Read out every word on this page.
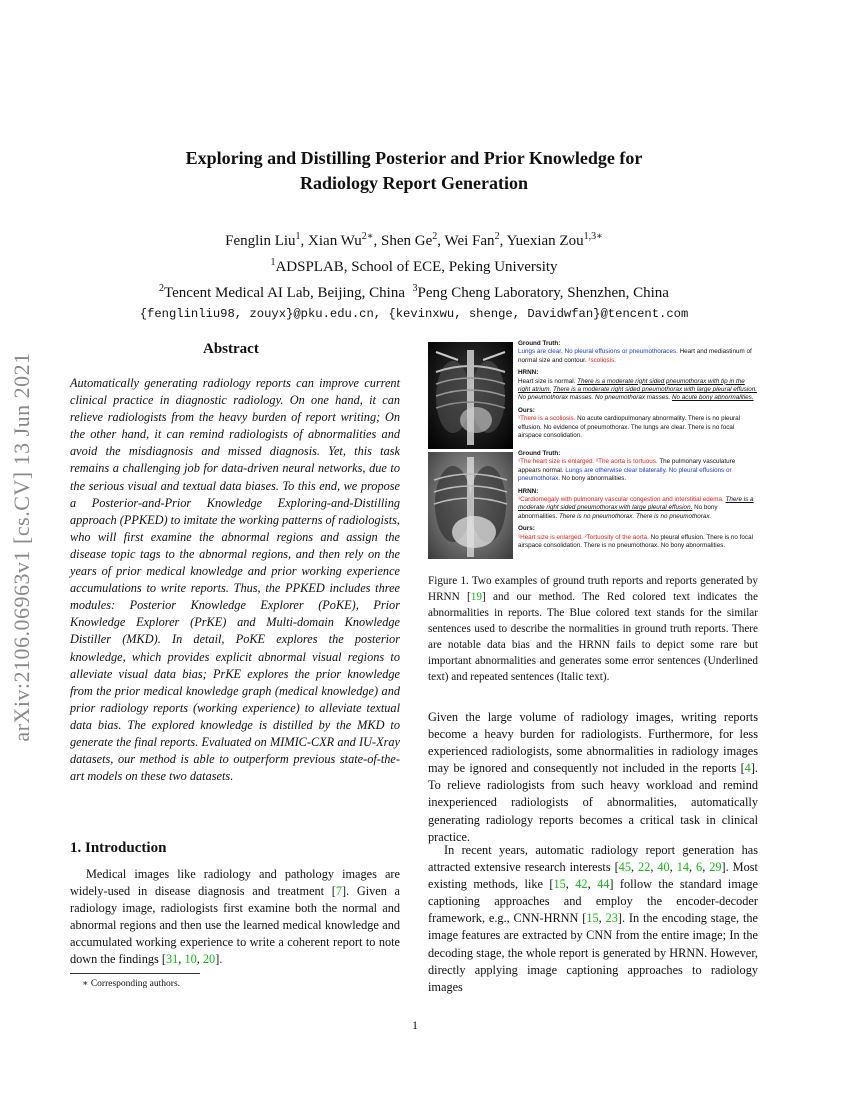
arXiv:2106.06963v1 [cs.CV] 13 Jun 2021
Exploring and Distilling Posterior and Prior Knowledge for
Radiology Report Generation
Fenglin Liu$^1$, Xian $Wu^{2∗}$, Shen Ge$^2$, Wei Fan$^2$, Yuexian Zou$^{1,3∗}$
$^1$ADSPLAB, School of ECE, Peking University
$^2$Tencent Medical AI Lab, Beijing, China $^3$Peng Cheng Laboratory, Shenzhen, China
{fenglinliu98, zouyx}@pku.edu.cn, {kevinxwu, shenge, Davidwfan}@tencent.com
Abstract
Automatically generating radiology reports can improve current clinical practice in diagnostic radiology. On one hand, it can relieve radiologists from the heavy burden of report writing; On the other hand, it can remind radiologists of abnormalities and avoid the misdiagnosis and missed diagnosis. Yet, this task remains a challenging job for data-driven neural networks, due to the serious visual and textual data biases. To this end, we propose a Posterior-and-Prior Knowledge Exploring-and-Distilling approach (PPKED) to imitate the working patterns of radiologists, who will first examine the abnormal regions and assign the disease topic tags to the abnormal regions, and then rely on the years of prior medical knowledge and prior working experience accumulations to write reports. Thus, the PPKED includes three modules: Posterior Knowledge Explorer (PoKE), Prior Knowledge Explorer (PrKE) and Multi-domain Knowledge Distiller (MKD). In detail, PoKE explores the posterior knowledge, which provides explicit abnormal visual regions to alleviate visual data bias; PrKE explores the prior knowledge from the prior medical knowledge graph (medical knowledge) and prior radiology reports (working experience) to alleviate textual data bias. The explored knowledge is distilled by the MKD to generate the final reports. Evaluated on MIMIC-CXR and IU-Xray datasets, our method is able to outperform previous state-of-the-art models on these two datasets.
1. Introduction
Medical images like radiology and pathology images are widely-used in disease diagnosis and treatment [7]. Given a radiology image, radiologists first examine both the normal and abnormal regions and then use the learned medical knowledge and accumulated working experience to write a coherent report to note down the findings [31, 10, 20].
∗ Corresponding authors.
Ground Truth:
Lungs are clear. No pleural effusions or pneumothoraces. Heart and mediastinum of normal size and contour. ¹scoliosis.
HRNN:
Heart size is normal. There is a moderate right sided pneumothorax with tip in the right atrium. There is a moderate right sided pneumothorax with large pleural effusion. No pneumothorax masses. No pneumothorax masses. No acute bony abnormalities.
Ours:
¹There is a scoliosis. No acute cardiopulmonary abnormality. There is no pleural effusion. No evidence of pneumothorax. The lungs are clear. There is no focal airspace consolidation.
Ground Truth:
¹The heart size is enlarged. ²The aorta is tortuous. The pulmonary vasculature appears normal. Lungs are otherwise clear bilaterally. No pleural effusions or pneumothorax. No bony abnormalities.
HRNN:
¹Cardiomegaly with pulmonary vascular congestion and interstitial edema. There is a moderate right sided pneumothorax with large pleural effusion. No bony abnormalities. There is no pneumothorax. There is no pneumothorax.
Ours:
¹Heart size is enlarged. ²Tortuosity of the aorta. No pleural effusion. There is no focal airspace consolidation. There is no pneumothorax. No bony abnormalities.
Figure 1. Two examples of ground truth reports and reports generated by HRNN [19] and our method. The Red colored text indicates the abnormalities in reports. The Blue colored text stands for the similar sentences used to describe the normalities in ground truth reports. There are notable data bias and the HRNN fails to depict some rare but important abnormalities and generates some error sentences (Underlined text) and repeated sentences (Italic text).
Given the large volume of radiology images, writing reports become a heavy burden for radiologists. Furthermore, for less experienced radiologists, some abnormalities in radiology images may be ignored and consequently not included in the reports [4]. To relieve radiologists from such heavy workload and remind inexperienced radiologists of abnormalities, automatically generating radiology reports becomes a critical task in clinical practice.
In recent years, automatic radiology report generation has attracted extensive research interests [45, 22, 40, 14, 6, 29]. Most existing methods, like [15, 42, 44] follow the standard image captioning approaches and employ the encoder-decoder framework, e.g., CNN-HRNN [15, 23]. In the encoding stage, the image features are extracted by CNN from the entire image; In the decoding stage, the whole report is generated by HRNN. However, directly applying image captioning approaches to radiology images
1
